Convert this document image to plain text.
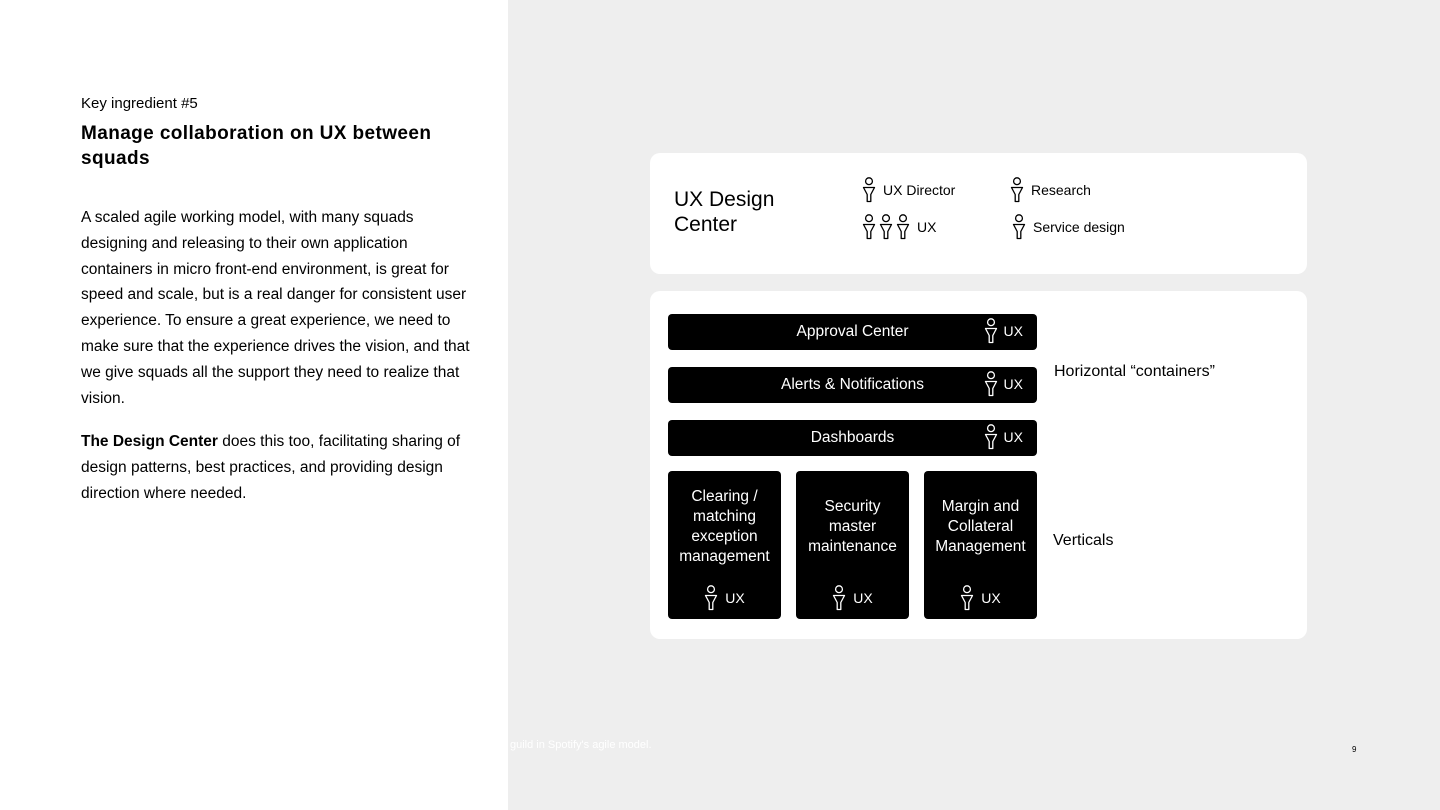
Key ingredient #5
Manage collaboration on UX between squads
A scaled agile working model, with many squads designing and releasing to their own application containers in micro front-end environment, is great for speed and scale, but is a real danger for consistent user experience. To ensure a great experience, we need to make sure that the experience drives the vision, and that we give squads all the support they need to realize that vision.
The Design Center does this too, facilitating sharing of design patterns, best practices, and providing design direction where needed.
UX Design Center
UX Director	Research
UX	Service design
Approval Center	UX
Alerts & Notifications	UX
Dashboards	UX
Horizontal “containers”
Clearing / matching exception management
UX
Security master maintenance
UX
Margin and Collateral Management
UX
Verticals
guild in Spotify's agile model.	9
